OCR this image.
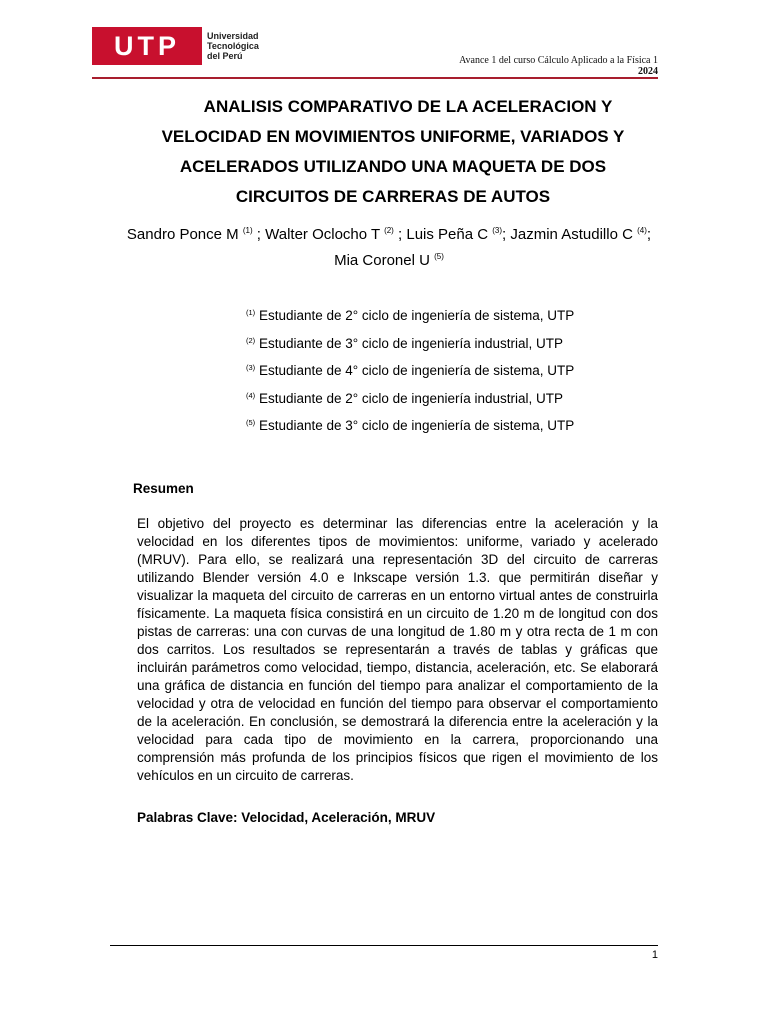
UTP	Universidad
Tecnológica
del Perú	Avance 1 del curso Cálculo Aplicado a la Física 1
2024
ANALISIS COMPARATIVO DE LA ACELERACION Y
VELOCIDAD EN MOVIMIENTOS UNIFORME, VARIADOS Y
ACELERADOS UTILIZANDO UNA MAQUETA DE DOS
CIRCUITOS DE CARRERAS DE AUTOS
Sandro Ponce M $^{(1)}$ ; Walter Oclocho T $^{(2)}$ ; Luis Peña C $^{(3)}$; Jazmin Astudillo C $^{(4)}$;
Mia Coronel U $^{(5)}$
$^{(1)}$ Estudiante de 2° ciclo de ingeniería de sistema, UTP
$^{(2)}$ Estudiante de 3° ciclo de ingeniería industrial, UTP
$^{(3)}$ Estudiante de 4° ciclo de ingeniería de sistema, UTP
$^{(4)}$ Estudiante de 2° ciclo de ingeniería industrial, UTP
$^{(5)}$ Estudiante de 3° ciclo de ingeniería de sistema, UTP
Resumen

El objetivo del proyecto es determinar las diferencias entre la aceleración y la velocidad en los diferentes tipos de movimientos: uniforme, variado y acelerado (MRUV). Para ello, se realizará una representación 3D del circuito de carreras utilizando Blender versión 4.0 e Inkscape versión 1.3. que permitirán diseñar y visualizar la maqueta del circuito de carreras en un entorno virtual antes de construirla físicamente. La maqueta física consistirá en un circuito de 1.20 m de longitud con dos pistas de carreras: una con curvas de una longitud de 1.80 m y otra recta de 1 m con dos carritos. Los resultados se representarán a través de tablas y gráficas que incluirán parámetros como velocidad, tiempo, distancia, aceleración, etc. Se elaborará una gráfica de distancia en función del tiempo para analizar el comportamiento de la velocidad y otra de velocidad en función del tiempo para observar el comportamiento de la aceleración. En conclusión, se demostrará la diferencia entre la aceleración y la velocidad para cada tipo de movimiento en la carrera, proporcionando una comprensión más profunda de los principios físicos que rigen el movimiento de los vehículos en un circuito de carreras.

Palabras Clave: Velocidad, Aceleración, MRUV
1
